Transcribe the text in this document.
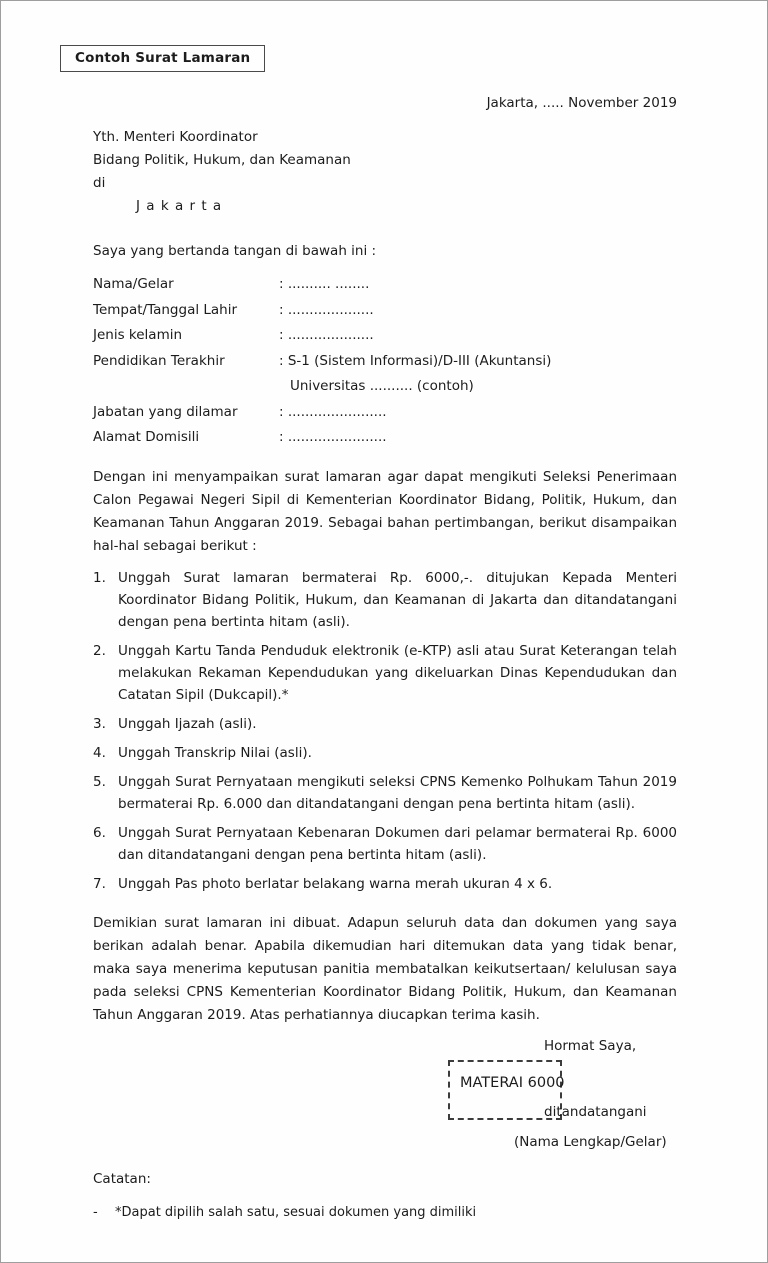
Contoh Surat Lamaran
Jakarta, ..... November 2019
Yth. Menteri Koordinator
Bidang Politik, Hukum, dan Keamanan
di
J a k a r t a
Saya yang bertanda tangan di bawah ini :
Nama/Gelar	: .......... ........
Tempat/Tanggal Lahir	: ....................
Jenis kelamin	: ....................
Pendidikan Terakhir	: S-1 (Sistem Informasi)/D-III (Akuntansi)
Universitas .......... (contoh)
Jabatan yang dilamar	: .......................
Alamat Domisili	: .......................
Dengan ini menyampaikan surat lamaran agar dapat mengikuti Seleksi Penerimaan Calon Pegawai Negeri Sipil di Kementerian Koordinator Bidang, Politik, Hukum, dan Keamanan Tahun Anggaran 2019. Sebagai bahan pertimbangan, berikut disampaikan hal-hal sebagai berikut :
Unggah Surat lamaran bermaterai Rp. 6000,-. ditujukan Kepada Menteri Koordinator Bidang Politik, Hukum, dan Keamanan di Jakarta dan ditandatangani dengan pena bertinta hitam (asli).
Unggah Kartu Tanda Penduduk elektronik (e-KTP) asli atau Surat Keterangan telah melakukan Rekaman Kependudukan yang dikeluarkan Dinas Kependudukan dan Catatan Sipil (Dukcapil).*
Unggah Ijazah (asli).
Unggah Transkrip Nilai (asli).
Unggah Surat Pernyataan mengikuti seleksi CPNS Kemenko Polhukam Tahun 2019 bermaterai Rp. 6.000 dan ditandatangani dengan pena bertinta hitam (asli).
Unggah Surat Pernyataan Kebenaran Dokumen dari pelamar bermaterai Rp. 6000 dan ditandatangani dengan pena bertinta hitam (asli).
Unggah Pas photo berlatar belakang warna merah ukuran 4 x 6.
Demikian surat lamaran ini dibuat. Adapun seluruh data dan dokumen yang saya berikan adalah benar. Apabila dikemudian hari ditemukan data yang tidak benar, maka saya menerima keputusan panitia membatalkan keikutsertaan/ kelulusan saya pada seleksi CPNS Kementerian Koordinator Bidang Politik, Hukum, dan Keamanan Tahun Anggaran 2019. Atas perhatiannya diucapkan terima kasih.
Hormat Saya,
MATERAI 6000
ditandatangani
(Nama Lengkap/Gelar)
Catatan:
-	*Dapat dipilih salah satu, sesuai dokumen yang dimiliki
